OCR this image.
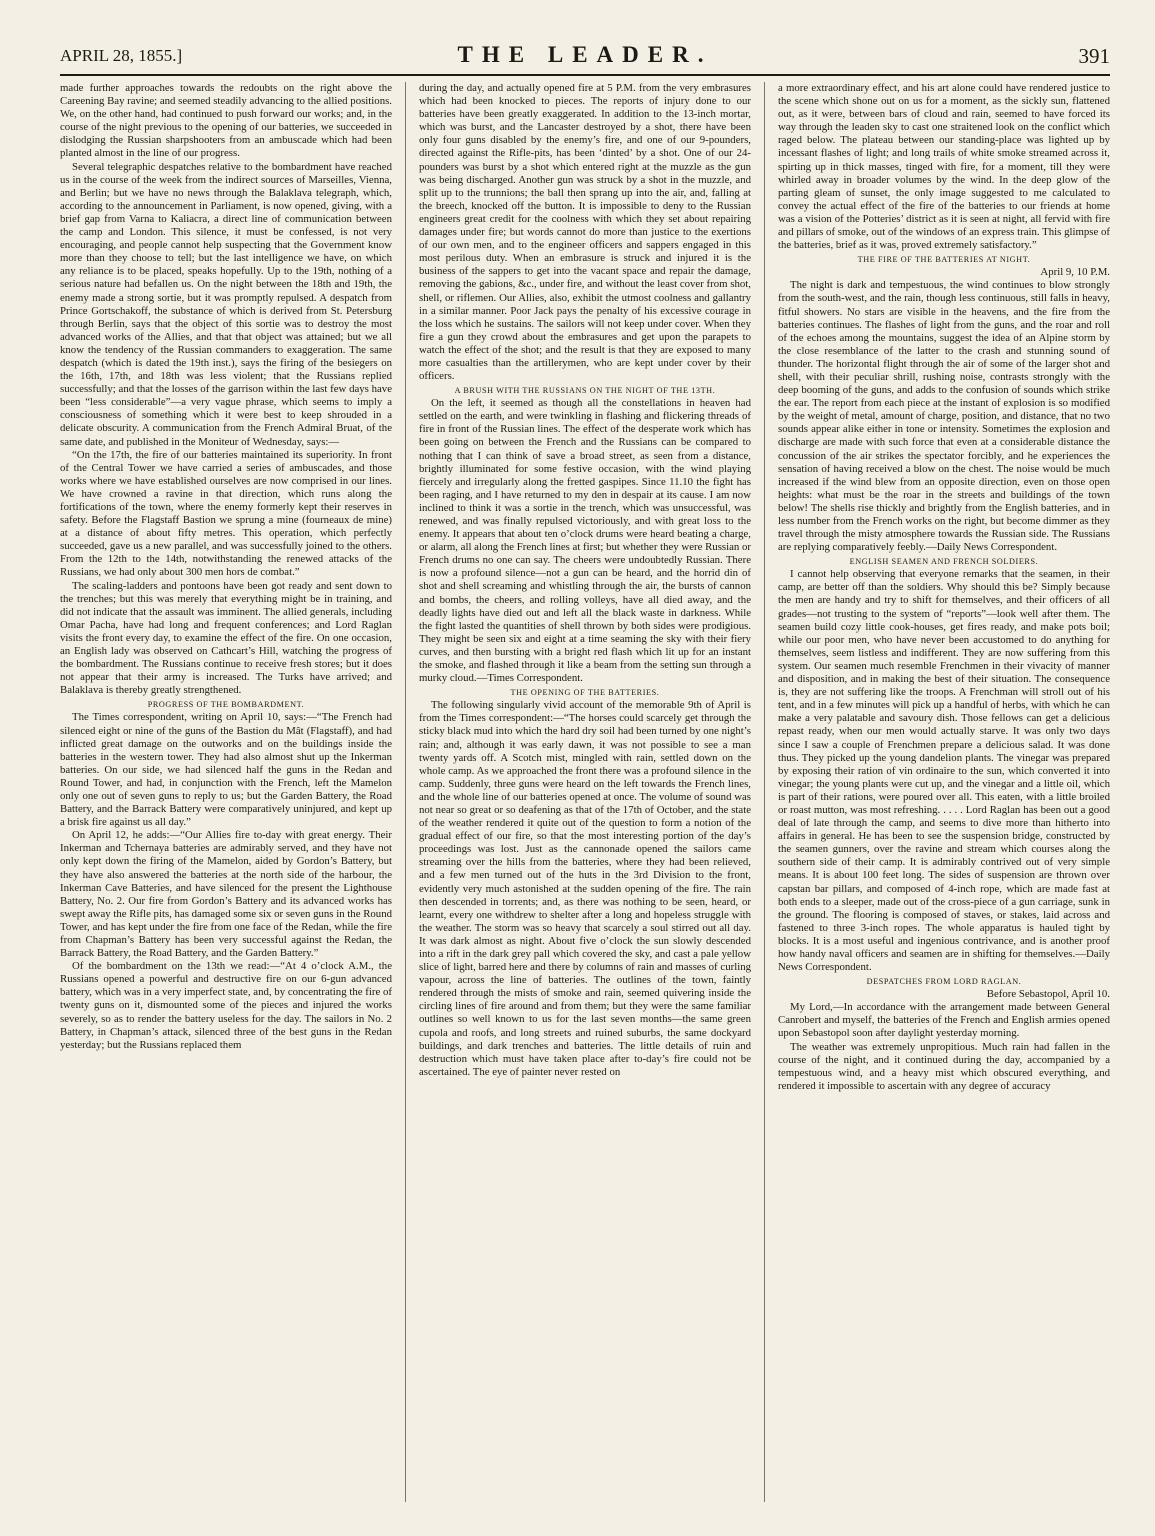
APRIL 28, 1855.]	THE LEADER.	391

made further approaches towards the redoubts on the right above the Careening Bay ravine; and seemed steadily advancing to the allied positions. We, on the other hand, had continued to push forward our works; and, in the course of the night previous to the opening of our batteries, we succeeded in dislodging the Russian sharpshooters from an ambuscade which had been planted almost in the line of our progress.

Several telegraphic despatches relative to the bombardment have reached us in the course of the week from the indirect sources of Marseilles, Vienna, and Berlin; but we have no news through the Balaklava telegraph, which, according to the announcement in Parliament, is now opened, giving, with a brief gap from Varna to Kaliacra, a direct line of communication between the camp and London. This silence, it must be confessed, is not very encouraging, and people cannot help suspecting that the Government know more than they choose to tell; but the last intelligence we have, on which any reliance is to be placed, speaks hopefully. Up to the 19th, nothing of a serious nature had befallen us. On the night between the 18th and 19th, the enemy made a strong sortie, but it was promptly repulsed. A despatch from Prince Gortschakoff, the substance of which is derived from St. Petersburg through Berlin, says that the object of this sortie was to destroy the most advanced works of the Allies, and that that object was attained; but we all know the tendency of the Russian commanders to exaggeration. The same despatch (which is dated the 19th inst.), says the firing of the besiegers on the 16th, 17th, and 18th was less violent; that the Russians replied successfully; and that the losses of the garrison within the last few days have been “less considerable”—a very vague phrase, which seems to imply a consciousness of something which it were best to keep shrouded in a delicate obscurity. A communication from the French Admiral Bruat, of the same date, and published in the Moniteur of Wednesday, says:—

“On the 17th, the fire of our batteries maintained its superiority. In front of the Central Tower we have carried a series of ambuscades, and those works where we have established ourselves are now comprised in our lines. We have crowned a ravine in that direction, which runs along the fortifications of the town, where the enemy formerly kept their reserves in safety. Before the Flagstaff Bastion we sprung a mine (fourneaux de mine) at a distance of about fifty metres. This operation, which perfectly succeeded, gave us a new parallel, and was successfully joined to the others. From the 12th to the 14th, notwithstanding the renewed attacks of the Russians, we had only about 300 men hors de combat.”

The scaling-ladders and pontoons have been got ready and sent down to the trenches; but this was merely that everything might be in training, and did not indicate that the assault was imminent. The allied generals, including Omar Pacha, have had long and frequent conferences; and Lord Raglan visits the front every day, to examine the effect of the fire. On one occasion, an English lady was observed on Cathcart’s Hill, watching the progress of the bombardment. The Russians continue to receive fresh stores; but it does not appear that their army is increased. The Turks have arrived; and Balaklava is thereby greatly strengthened.

PROGRESS OF THE BOMBARDMENT.

The Times correspondent, writing on April 10, says:—“The French had silenced eight or nine of the guns of the Bastion du Mât (Flagstaff), and had inflicted great damage on the outworks and on the buildings inside the batteries in the western tower. They had also almost shut up the Inkerman batteries. On our side, we had silenced half the guns in the Redan and Round Tower, and had, in conjunction with the French, left the Mamelon only one out of seven guns to reply to us; but the Garden Battery, the Road Battery, and the Barrack Battery were comparatively uninjured, and kept up a brisk fire against us all day.”

On April 12, he adds:—“Our Allies fire to-day with great energy. Their Inkerman and Tchernaya batteries are admirably served, and they have not only kept down the firing of the Mamelon, aided by Gordon’s Battery, but they have also answered the batteries at the north side of the harbour, the Inkerman Cave Batteries, and have silenced for the present the Lighthouse Battery, No. 2. Our fire from Gordon’s Battery and its advanced works has swept away the Rifle pits, has damaged some six or seven guns in the Round Tower, and has kept under the fire from one face of the Redan, while the fire from Chapman’s Battery has been very successful against the Redan, the Barrack Battery, the Road Battery, and the Garden Battery.”

Of the bombardment on the 13th we read:—“At 4 o’clock A.M., the Russians opened a powerful and destructive fire on our 6-gun advanced battery, which was in a very imperfect state, and, by concentrating the fire of twenty guns on it, dismounted some of the pieces and injured the works severely, so as to render the battery useless for the day. The sailors in No. 2 Battery, in Chapman’s attack, silenced three of the best guns in the Redan yesterday; but the Russians replaced them

during the day, and actually opened fire at 5 P.M. from the very embrasures which had been knocked to pieces. The reports of injury done to our batteries have been greatly exaggerated. In addition to the 13-inch mortar, which was burst, and the Lancaster destroyed by a shot, there have been only four guns disabled by the enemy’s fire, and one of our 9-pounders, directed against the Rifle-pits, has been ‘dinted’ by a shot. One of our 24-pounders was burst by a shot which entered right at the muzzle as the gun was being discharged. Another gun was struck by a shot in the muzzle, and split up to the trunnions; the ball then sprang up into the air, and, falling at the breech, knocked off the button. It is impossible to deny to the Russian engineers great credit for the coolness with which they set about repairing damages under fire; but words cannot do more than justice to the exertions of our own men, and to the engineer officers and sappers engaged in this most perilous duty. When an embrasure is struck and injured it is the business of the sappers to get into the vacant space and repair the damage, removing the gabions, &c., under fire, and without the least cover from shot, shell, or riflemen. Our Allies, also, exhibit the utmost coolness and gallantry in a similar manner. Poor Jack pays the penalty of his excessive courage in the loss which he sustains. The sailors will not keep under cover. When they fire a gun they crowd about the embrasures and get upon the parapets to watch the effect of the shot; and the result is that they are exposed to many more casualties than the artillerymen, who are kept under cover by their officers.

A BRUSH WITH THE RUSSIANS ON THE NIGHT OF THE 13TH.

On the left, it seemed as though all the constellations in heaven had settled on the earth, and were twinkling in flashing and flickering threads of fire in front of the Russian lines. The effect of the desperate work which has been going on between the French and the Russians can be compared to nothing that I can think of save a broad street, as seen from a distance, brightly illuminated for some festive occasion, with the wind playing fiercely and irregularly along the fretted gaspipes. Since 11.10 the fight has been raging, and I have returned to my den in despair at its cause. I am now inclined to think it was a sortie in the trench, which was unsuccessful, was renewed, and was finally repulsed victoriously, and with great loss to the enemy. It appears that about ten o’clock drums were heard beating a charge, or alarm, all along the French lines at first; but whether they were Russian or French drums no one can say. The cheers were undoubtedly Russian. There is now a profound silence—not a gun can be heard, and the horrid din of shot and shell screaming and whistling through the air, the bursts of cannon and bombs, the cheers, and rolling volleys, have all died away, and the deadly lights have died out and left all the black waste in darkness. While the fight lasted the quantities of shell thrown by both sides were prodigious. They might be seen six and eight at a time seaming the sky with their fiery curves, and then bursting with a bright red flash which lit up for an instant the smoke, and flashed through it like a beam from the setting sun through a murky cloud.—Times Correspondent.

THE OPENING OF THE BATTERIES.

The following singularly vivid account of the memorable 9th of April is from the Times correspondent:—“The horses could scarcely get through the sticky black mud into which the hard dry soil had been turned by one night’s rain; and, although it was early dawn, it was not possible to see a man twenty yards off. A Scotch mist, mingled with rain, settled down on the whole camp. As we approached the front there was a profound silence in the camp. Suddenly, three guns were heard on the left towards the French lines, and the whole line of our batteries opened at once. The volume of sound was not near so great or so deafening as that of the 17th of October, and the state of the weather rendered it quite out of the question to form a notion of the gradual effect of our fire, so that the most interesting portion of the day’s proceedings was lost. Just as the cannonade opened the sailors came streaming over the hills from the batteries, where they had been relieved, and a few men turned out of the huts in the 3rd Division to the front, evidently very much astonished at the sudden opening of the fire. The rain then descended in torrents; and, as there was nothing to be seen, heard, or learnt, every one withdrew to shelter after a long and hopeless struggle with the weather. The storm was so heavy that scarcely a soul stirred out all day. It was dark almost as night. About five o’clock the sun slowly descended into a rift in the dark grey pall which covered the sky, and cast a pale yellow slice of light, barred here and there by columns of rain and masses of curling vapour, across the line of batteries. The outlines of the town, faintly rendered through the mists of smoke and rain, seemed quivering inside the circling lines of fire around and from them; but they were the same familiar outlines so well known to us for the last seven months—the same green cupola and roofs, and long streets and ruined suburbs, the same dockyard buildings, and dark trenches and batteries. The little details of ruin and destruction which must have taken place after to-day’s fire could not be ascertained. The eye of painter never rested on

a more extraordinary effect, and his art alone could have rendered justice to the scene which shone out on us for a moment, as the sickly sun, flattened out, as it were, between bars of cloud and rain, seemed to have forced its way through the leaden sky to cast one straitened look on the conflict which raged below. The plateau between our standing-place was lighted up by incessant flashes of light; and long trails of white smoke streamed across it, spirting up in thick masses, tinged with fire, for a moment, till they were whirled away in broader volumes by the wind. In the deep glow of the parting gleam of sunset, the only image suggested to me calculated to convey the actual effect of the fire of the batteries to our friends at home was a vision of the Potteries’ district as it is seen at night, all fervid with fire and pillars of smoke, out of the windows of an express train. This glimpse of the batteries, brief as it was, proved extremely satisfactory.”

THE FIRE OF THE BATTERIES AT NIGHT.

April 9, 10 P.M.

The night is dark and tempestuous, the wind continues to blow strongly from the south-west, and the rain, though less continuous, still falls in heavy, fitful showers. No stars are visible in the heavens, and the fire from the batteries continues. The flashes of light from the guns, and the roar and roll of the echoes among the mountains, suggest the idea of an Alpine storm by the close resemblance of the latter to the crash and stunning sound of thunder. The horizontal flight through the air of some of the larger shot and shell, with their peculiar shrill, rushing noise, contrasts strongly with the deep booming of the guns, and adds to the confusion of sounds which strike the ear. The report from each piece at the instant of explosion is so modified by the weight of metal, amount of charge, position, and distance, that no two sounds appear alike either in tone or intensity. Sometimes the explosion and discharge are made with such force that even at a considerable distance the concussion of the air strikes the spectator forcibly, and he experiences the sensation of having received a blow on the chest. The noise would be much increased if the wind blew from an opposite direction, even on those open heights: what must be the roar in the streets and buildings of the town below! The shells rise thickly and brightly from the English batteries, and in less number from the French works on the right, but become dimmer as they travel through the misty atmosphere towards the Russian side. The Russians are replying comparatively feebly.—Daily News Correspondent.

ENGLISH SEAMEN AND FRENCH SOLDIERS.

I cannot help observing that everyone remarks that the seamen, in their camp, are better off than the soldiers. Why should this be? Simply because the men are handy and try to shift for themselves, and their officers of all grades—not trusting to the system of “reports”—look well after them. The seamen build cozy little cook-houses, get fires ready, and make pots boil; while our poor men, who have never been accustomed to do anything for themselves, seem listless and indifferent. They are now suffering from this system. Our seamen much resemble Frenchmen in their vivacity of manner and disposition, and in making the best of their situation. The consequence is, they are not suffering like the troops. A Frenchman will stroll out of his tent, and in a few minutes will pick up a handful of herbs, with which he can make a very palatable and savoury dish. Those fellows can get a delicious repast ready, when our men would actually starve. It was only two days since I saw a couple of Frenchmen prepare a delicious salad. It was done thus. They picked up the young dandelion plants. The vinegar was prepared by exposing their ration of vin ordinaire to the sun, which converted it into vinegar; the young plants were cut up, and the vinegar and a little oil, which is part of their rations, were poured over all. This eaten, with a little broiled or roast mutton, was most refreshing. . . . . Lord Raglan has been out a good deal of late through the camp, and seems to dive more than hitherto into affairs in general. He has been to see the suspension bridge, constructed by the seamen gunners, over the ravine and stream which courses along the southern side of their camp. It is admirably contrived out of very simple means. It is about 100 feet long. The sides of suspension are thrown over capstan bar pillars, and composed of 4-inch rope, which are made fast at both ends to a sleeper, made out of the cross-piece of a gun carriage, sunk in the ground. The flooring is composed of staves, or stakes, laid across and fastened to three 3-inch ropes. The whole apparatus is hauled tight by blocks. It is a most useful and ingenious contrivance, and is another proof how handy naval officers and seamen are in shifting for themselves.—Daily News Correspondent.

DESPATCHES FROM LORD RAGLAN.

Before Sebastopol, April 10.

My Lord,—In accordance with the arrangement made between General Canrobert and myself, the batteries of the French and English armies opened upon Sebastopol soon after daylight yesterday morning.

The weather was extremely unpropitious. Much rain had fallen in the course of the night, and it continued during the day, accompanied by a tempestuous wind, and a heavy mist which obscured everything, and rendered it impossible to ascertain with any degree of accuracy
